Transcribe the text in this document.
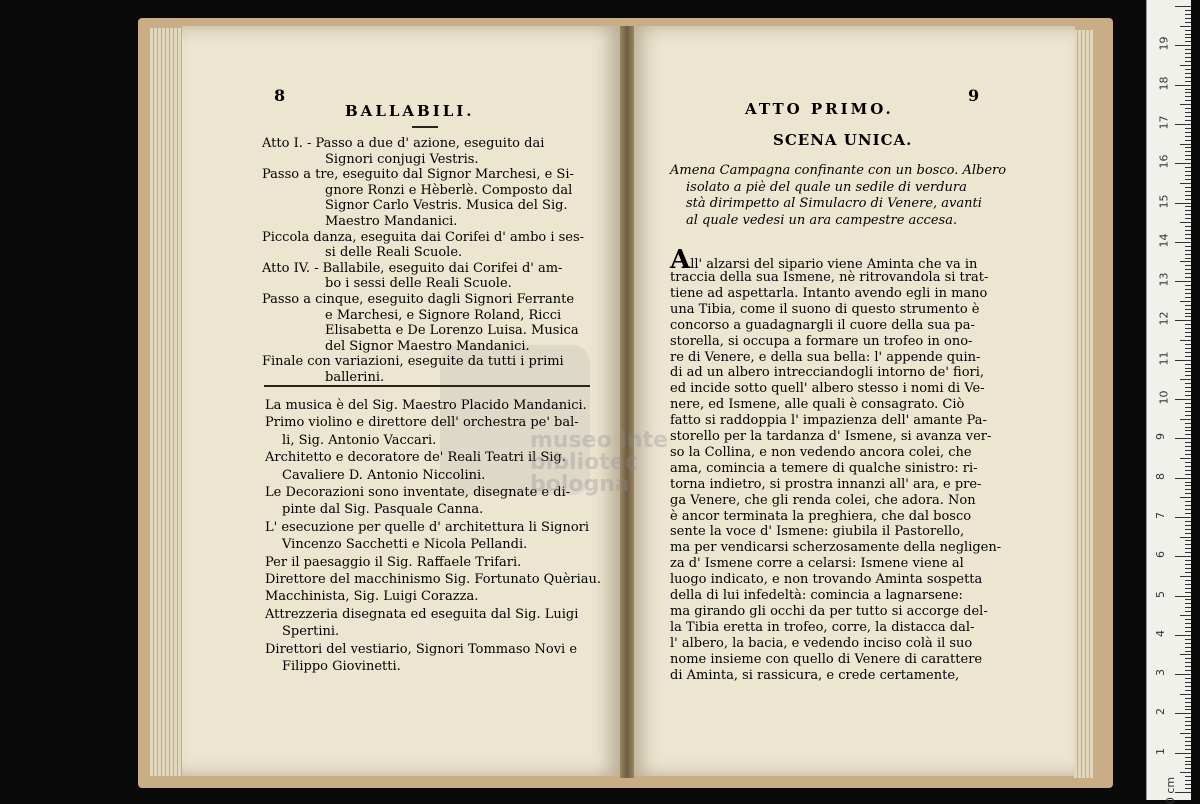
8
BALLABILI.
Atto I. - Passo a due d' azione, eseguito dai
Signori conjugi Vestris.
Passo a tre, eseguito dal Signor Marchesi, e Si-
gnore Ronzi e Hèberlè. Composto dal
Signor Carlo Vestris. Musica del Sig.
Maestro Mandanici.
Piccola danza, eseguita dai Corifei d' ambo i ses-
si delle Reali Scuole.
Atto IV. - Ballabile, eseguito dai Corifei d' am-
bo i sessi delle Reali Scuole.
Passo a cinque, eseguito dagli Signori Ferrante
e Marchesi, e Signore Roland, Ricci
Elisabetta e De Lorenzo Luisa. Musica
del Signor Maestro Mandanici.
Finale con variazioni, eseguite da tutti i primi
ballerini.
La musica è del Sig. Maestro Placido Mandanici.
Primo violino e direttore dell' orchestra pe' bal-
li, Sig. Antonio Vaccari.
Architetto e decoratore de' Reali Teatri il Sig.
Cavaliere D. Antonio Niccolini.
Le Decorazioni sono inventate, disegnate e di-
pinte dal Sig. Pasquale Canna.
L' esecuzione per quelle d' architettura li Signori
Vincenzo Sacchetti e Nicola Pellandi.
Per il paesaggio il Sig. Raffaele Trifari.
Direttore del macchinismo Sig. Fortunato Quèriau.
Macchinista, Sig. Luigi Corazza.
Attrezzeria disegnata ed eseguita dal Sig. Luigi
Spertini.
Direttori del vestiario, Signori Tommaso Novi e
Filippo Giovinetti.
9
ATTO PRIMO.
SCENA UNICA.
Amena Campagna confinante con un bosco. Albero
isolato a piè del quale un sedile di verdura
stà dirimpetto al Simulacro di Venere, avanti
al quale vedesi un ara campestre accesa.
All' alzarsi del sipario viene Aminta che va in
traccia della sua Ismene, nè ritrovandola si trat-
tiene ad aspettarla. Intanto avendo egli in mano
una Tibia, come il suono di questo strumento è
concorso a guadagnargli il cuore della sua pa-
storella, si occupa a formare un trofeo in ono-
re di Venere, e della sua bella: l' appende quin-
di ad un albero intrecciandogli intorno de' fiori,
ed incide sotto quell' albero stesso i nomi di Ve-
nere, ed Ismene, alle quali è consagrato. Ciò
fatto si raddoppia l' impazienza dell' amante Pa-
storello per la tardanza d' Ismene, si avanza ver-
so la Collina, e non vedendo ancora colei, che
ama, comincia a temere di qualche sinistro: ri-
torna indietro, si prostra innanzi all' ara, e pre-
ga Venere, che gli renda colei, che adora. Non
è ancor terminata la preghiera, che dal bosco
sente la voce d' Ismene: giubila il Pastorello,
ma per vendicarsi scherzosamente della negligen-
za d' Ismene corre a celarsi: Ismene viene al
luogo indicato, e non trovando Aminta sospetta
della di lui infedeltà: comincia a lagnarsene:
ma girando gli occhi da per tutto si accorge del-
la Tibia eretta in trofeo, corre, la distacca dal-
l' albero, la bacia, e vedendo inciso colà il suo
nome insieme con quello di Venere di carattere
di Aminta, si rassicura, e crede certamente,
museo inte
bibliotec
bologna
0 cm
1
2
3
4
5
6
7
8
9
10
11
12
13
14
15
16
17
18
19
